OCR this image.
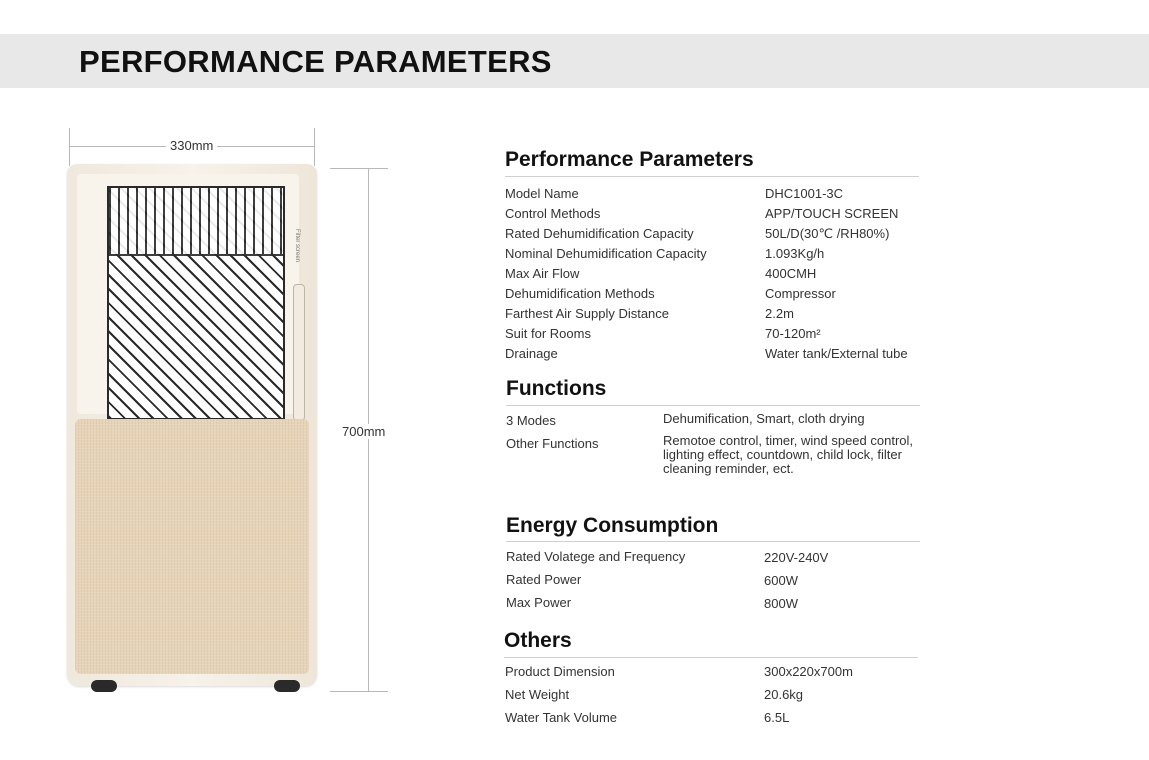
PERFORMANCE PARAMETERS
330mm
700mm
Filter screen
Performance Parameters
Model Name	DHC1001-3C
Control Methods	APP/TOUCH SCREEN
Rated Dehumidification Capacity	50L/D(30℃ /RH80%)
Nominal Dehumidification Capacity	1.093Kg/h
Max Air Flow	400CMH
Dehumidification Methods	Compressor
Farthest Air Supply Distance	2.2m
Suit for Rooms	70-120m²
Drainage	Water tank/External tube
Functions
3 Modes	Dehumification, Smart, cloth drying
Other Functions	Remotoe control, timer, wind speed control, lighting effect, countdown, child lock, filter cleaning reminder, ect.
Energy Consumption
Rated Volatege and Frequency	220V-240V
Rated Power	600W
Max Power	800W
Others
Product Dimension	300x220x700m
Net Weight	20.6kg
Water Tank Volume	6.5L
